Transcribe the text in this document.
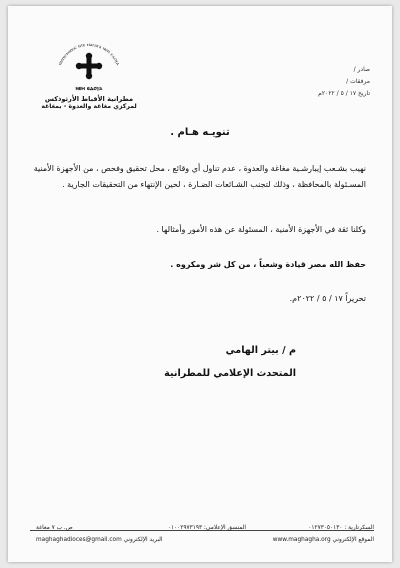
ⲡⲓⲉⲡⲓⲥⲕⲟⲡⲟⲥ ⲛⲧⲉ ⲙⲁⲅⲁⲅⲁ ⲛⲉⲙ ⲉⲇⲟⲩⲁ
ⲛⲉⲙ ⲉⲇⲟⲩⲁ
مطرانية الأقباط الأرثوذكس
لمركزي مغاغة والعدوة - بمغاغة
صادر /
مرفقات /
تاريخ ١٧ / ٥ / ٢٠٢٢م
تنويـه هـام .
نهيب بشـعب إيبارشـية مغاغة والعدوة ، عدم تناول أي وقائع ، محل تحقيق وفحص ، من الأجهزة الأمنية المسـئولة بالمحافظة ، وذلك لتجنب الشـائعات الضـارة ، لحين الإنتهاء من التحقيقات الجارية .
وكلنا ثقة في الأجهزة الأمنية ، المسئولة عن هذه الأمور وأمثالها .
حفظ الله مصر قيادة وشعباً ، من كل شر ومكروه .
تحريراً ١٧ / ٥ / ٢٠٢٢م.
م / بيتر الهامي
المتحدث الإعلامي للمطرانية
السكرتارية : ٠١٢٧٣٠٥٠١٣٠
المنسق الإعلامي: ٠١٠٠٢٩٧٣١٩٣
ص. ب ٧ مغاغة
الموقع الإلكتروني www.maghagha.org
البريد الإلكتروني maghaghadioces@gmail.com
